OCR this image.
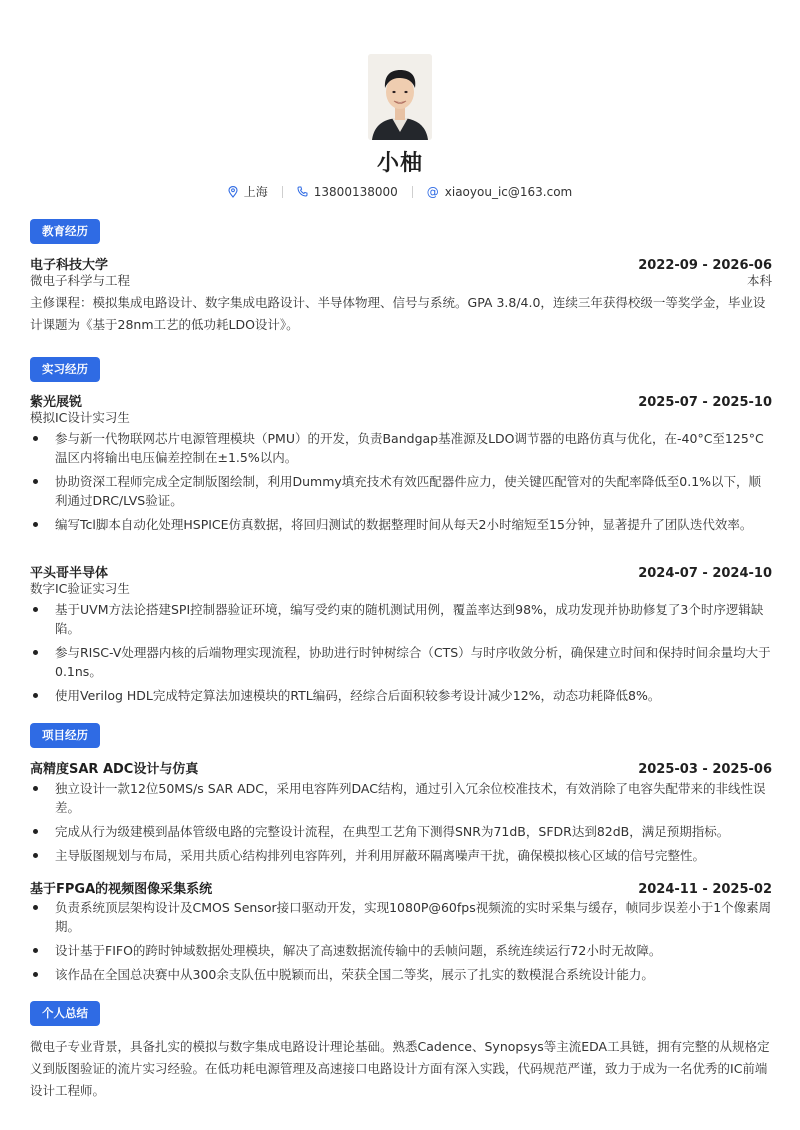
小柚
上海	13800138000 @ xiaoyou_ic@163.com
教育经历
电子科技大学	2022-09 - 2026-06
微电子科学与工程	本科
主修课程：模拟集成电路设计、数字集成电路设计、半导体物理、信号与系统。GPA 3.8/4.0，连续三年获得校级一等奖学金，毕业设计课题为《基于28nm工艺的低功耗LDO设计》。
实习经历
紫光展锐	2025-07 - 2025-10
模拟IC设计实习生
参与新一代物联网芯片电源管理模块（PMU）的开发，负责Bandgap基准源及LDO调节器的电路仿真与优化，在-40°C至125°C温区内将输出电压偏差控制在±1.5%以内。
协助资深工程师完成全定制版图绘制，利用Dummy填充技术有效匹配器件应力，使关键匹配管对的失配率降低至0.1%以下，顺利通过DRC/LVS验证。
编写Tcl脚本自动化处理HSPICE仿真数据，将回归测试的数据整理时间从每天2小时缩短至15分钟，显著提升了团队迭代效率。
平头哥半导体	2024-07 - 2024-10
数字IC验证实习生
基于UVM方法论搭建SPI控制器验证环境，编写受约束的随机测试用例，覆盖率达到98%，成功发现并协助修复了3个时序逻辑缺陷。
参与RISC-V处理器内核的后端物理实现流程，协助进行时钟树综合（CTS）与时序收敛分析，确保建立时间和保持时间余量均大于0.1ns。
使用Verilog HDL完成特定算法加速模块的RTL编码，经综合后面积较参考设计减少12%，动态功耗降低8%。
项目经历
高精度SAR ADC设计与仿真	2025-03 - 2025-06
独立设计一款12位50MS/s SAR ADC，采用电容阵列DAC结构，通过引入冗余位校准技术，有效消除了电容失配带来的非线性误差。
完成从行为级建模到晶体管级电路的完整设计流程，在典型工艺角下测得SNR为71dB，SFDR达到82dB，满足预期指标。
主导版图规划与布局，采用共质心结构排列电容阵列，并利用屏蔽环隔离噪声干扰，确保模拟核心区域的信号完整性。
基于FPGA的视频图像采集系统	2024-11 - 2025-02
负责系统顶层架构设计及CMOS Sensor接口驱动开发，实现1080P@60fps视频流的实时采集与缓存，帧同步误差小于1个像素周期。
设计基于FIFO的跨时钟域数据处理模块，解决了高速数据流传输中的丢帧问题，系统连续运行72小时无故障。
该作品在全国总决赛中从300余支队伍中脱颖而出，荣获全国二等奖，展示了扎实的数模混合系统设计能力。
个人总结
微电子专业背景，具备扎实的模拟与数字集成电路设计理论基础。熟悉Cadence、Synopsys等主流EDA工具链，拥有完整的从规格定义到版图验证的流片实习经验。在低功耗电源管理及高速接口电路设计方面有深入实践，代码规范严谨，致力于成为一名优秀的IC前端设计工程师。
